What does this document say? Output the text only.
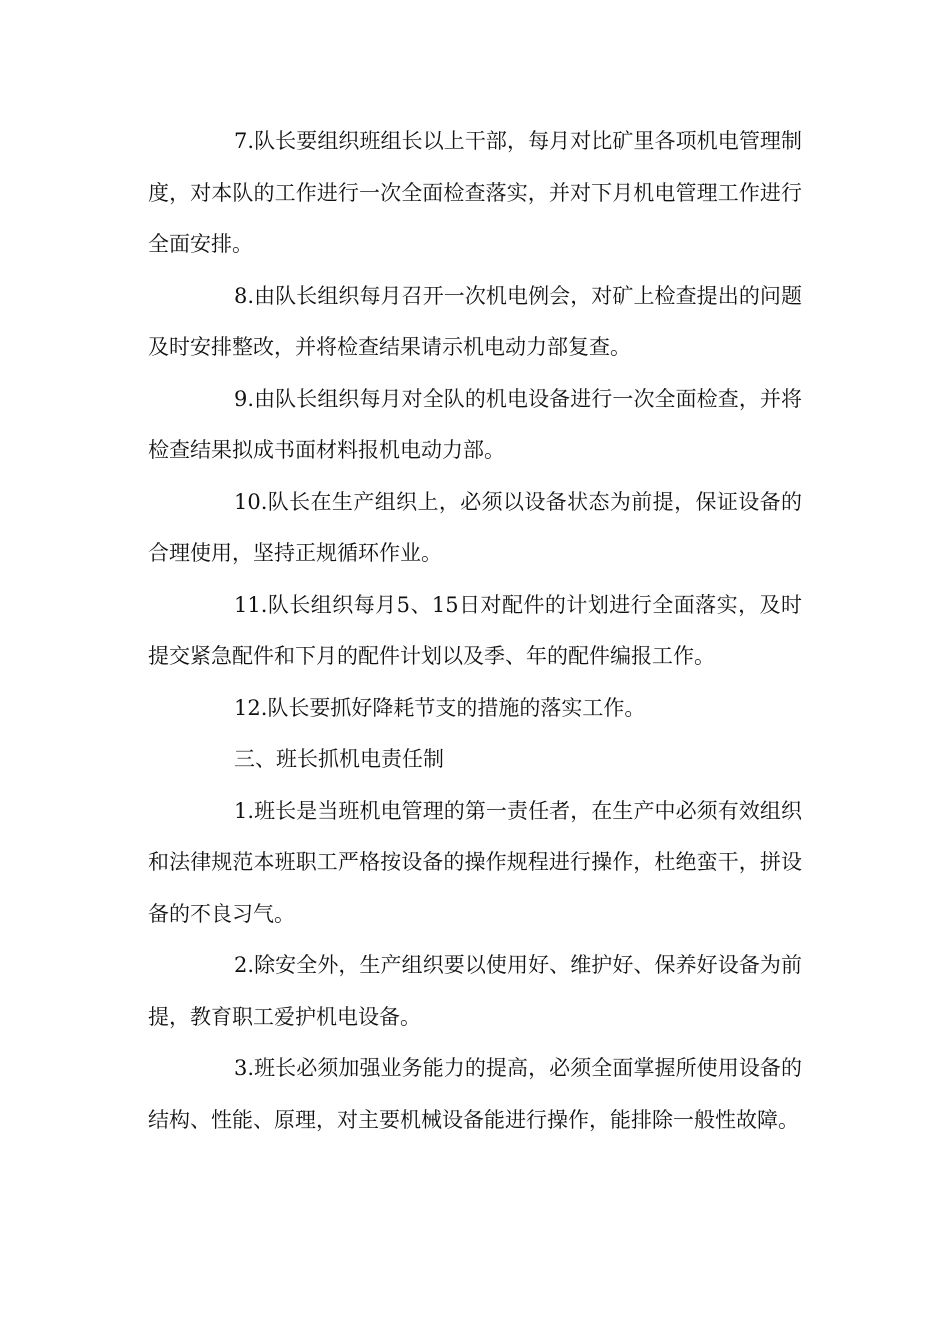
7.队长要组织班组长以上干部，每月对比矿里各项机电管理制度，对本队的工作进行一次全面检查落实，并对下月机电管理工作进行全面安排。

8.由队长组织每月召开一次机电例会，对矿上检查提出的问题及时安排整改，并将检查结果请示机电动力部复查。

9.由队长组织每月对全队的机电设备进行一次全面检查，并将检查结果拟成书面材料报机电动力部。

10.队长在生产组织上，必须以设备状态为前提，保证设备的合理使用，坚持正规循环作业。

11.队长组织每月5、15日对配件的计划进行全面落实，及时提交紧急配件和下月的配件计划以及季、年的配件编报工作。

12.队长要抓好降耗节支的措施的落实工作。

三、班长抓机电责任制

1.班长是当班机电管理的第一责任者，在生产中必须有效组织和法律规范本班职工严格按设备的操作规程进行操作，杜绝蛮干，拼设备的不良习气。

2.除安全外，生产组织要以使用好、维护好、保养好设备为前提，教育职工爱护机电设备。

3.班长必须加强业务能力的提高，必须全面掌握所使用设备的结构、性能、原理，对主要机械设备能进行操作，能排除一般性故障。
